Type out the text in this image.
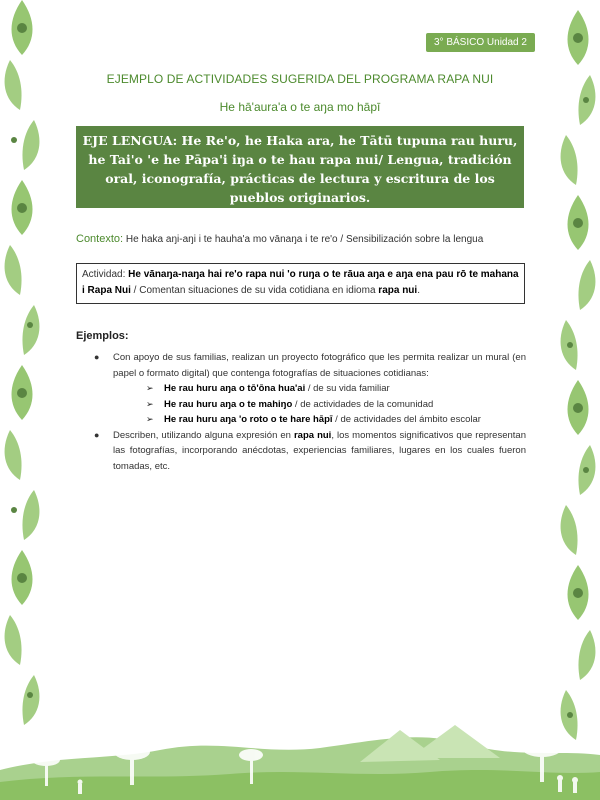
3° BÁSICO Unidad 2
EJEMPLO DE ACTIVIDADES SUGERIDA DEL PROGRAMA RAPA NUI
He hā'aura'a o te aŋa mo hāpī
EJE LENGUA: He Re'o, he Haka ara, he Tātū tupuna rau huru, he Tai'o 'e he Pāpa'i iŋa o te hau rapa nui/ Lengua, tradición oral, iconografía, prácticas de lectura y escritura de los pueblos originarios.
Contexto: He haka aŋi-aŋi i te hauha'a mo vānaŋa i te re'o / Sensibilización sobre la lengua
Actividad: He vānaŋa-naŋa hai re'o rapa nui 'o ruŋa o te rāua aŋa e aŋa ena pau rō te mahana i Rapa Nui / Comentan situaciones de su vida cotidiana en idioma rapa nui.
Ejemplos:
● Con apoyo de sus familias, realizan un proyecto fotográfico que les permita realizar un mural (en papel o formato digital) que contenga fotografías de situaciones cotidianas:
➢ He rau huru aŋa o tō'ōna hua'ai / de su vida familiar
➢ He rau huru aŋa o te mahiŋo / de actividades de la comunidad
➢ He rau huru aŋa 'o roto o te hare hāpī / de actividades del ámbito escolar
● Describen, utilizando alguna expresión en rapa nui, los momentos significativos que representan las fotografías, incorporando anécdotas, experiencias familiares, lugares en los cuales fueron tomadas, etc.
